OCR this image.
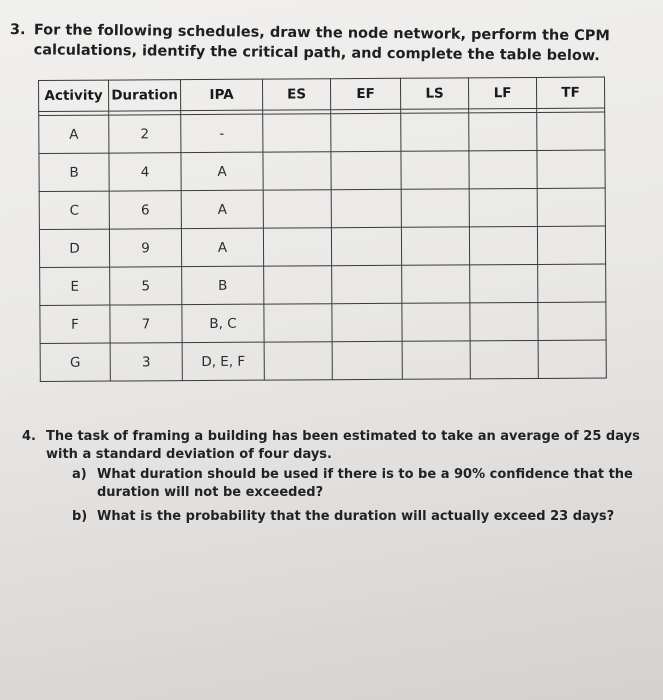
3. For the following schedules, draw the node network, perform the CPM calculations, identify the critical path, and complete the table below.
Activity	Duration	IPA	ES	EF	LS	LF	TF

A	2	-					
B	4	A					
C	6	A					
D	9	A					
E	5	B					
F	7	B, C					
G	3	D, E, F					
4. The task of framing a building has been estimated to take an average of 25 days with a standard deviation of four days.
a) What duration should be used if there is to be a 90% confidence that the duration will not be exceeded?
b) What is the probability that the duration will actually exceed 23 days?
